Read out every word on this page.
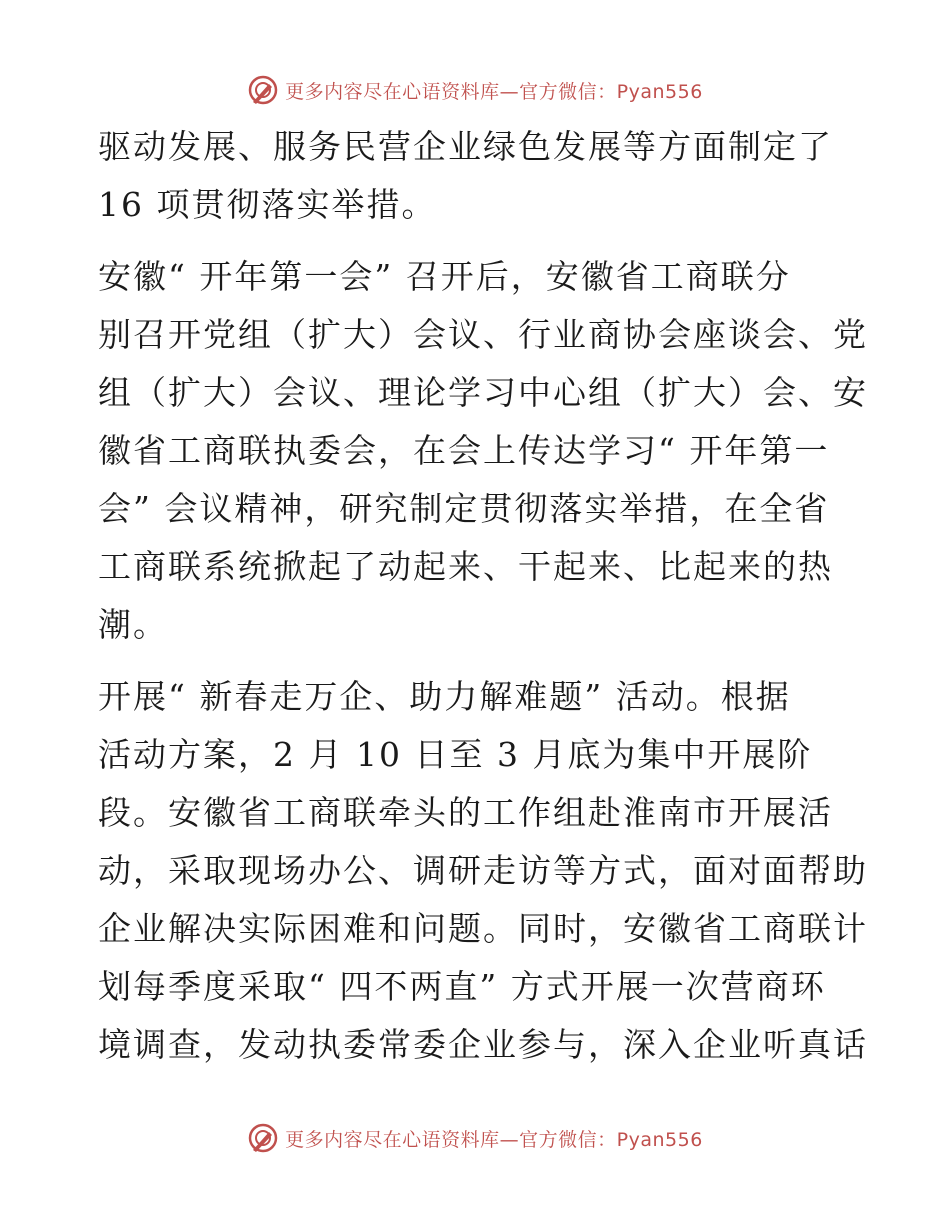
更多内容尽在心语资料库—官方微信：Pyan556

驱动发展、服务民营企业绿色发展等方面制定了
16 项贯彻落实举措。

安徽“ 开年第一会” 召开后，安徽省工商联分
别召开党组（扩大）会议、行业商协会座谈会、党
组（扩大）会议、理论学习中心组（扩大）会、安
徽省工商联执委会，在会上传达学习“ 开年第一
会” 会议精神，研究制定贯彻落实举措，在全省
工商联系统掀起了动起来、干起来、比起来的热
潮。

开展“ 新春走万企、助力解难题” 活动。根据
活动方案，2 月 10 日至 3 月底为集中开展阶
段。安徽省工商联牵头的工作组赴淮南市开展活
动，采取现场办公、调研走访等方式，面对面帮助
企业解决实际困难和问题。同时，安徽省工商联计
划每季度采取“ 四不两直” 方式开展一次营商环
境调查，发动执委常委企业参与，深入企业听真话

更多内容尽在心语资料库—官方微信：Pyan556
